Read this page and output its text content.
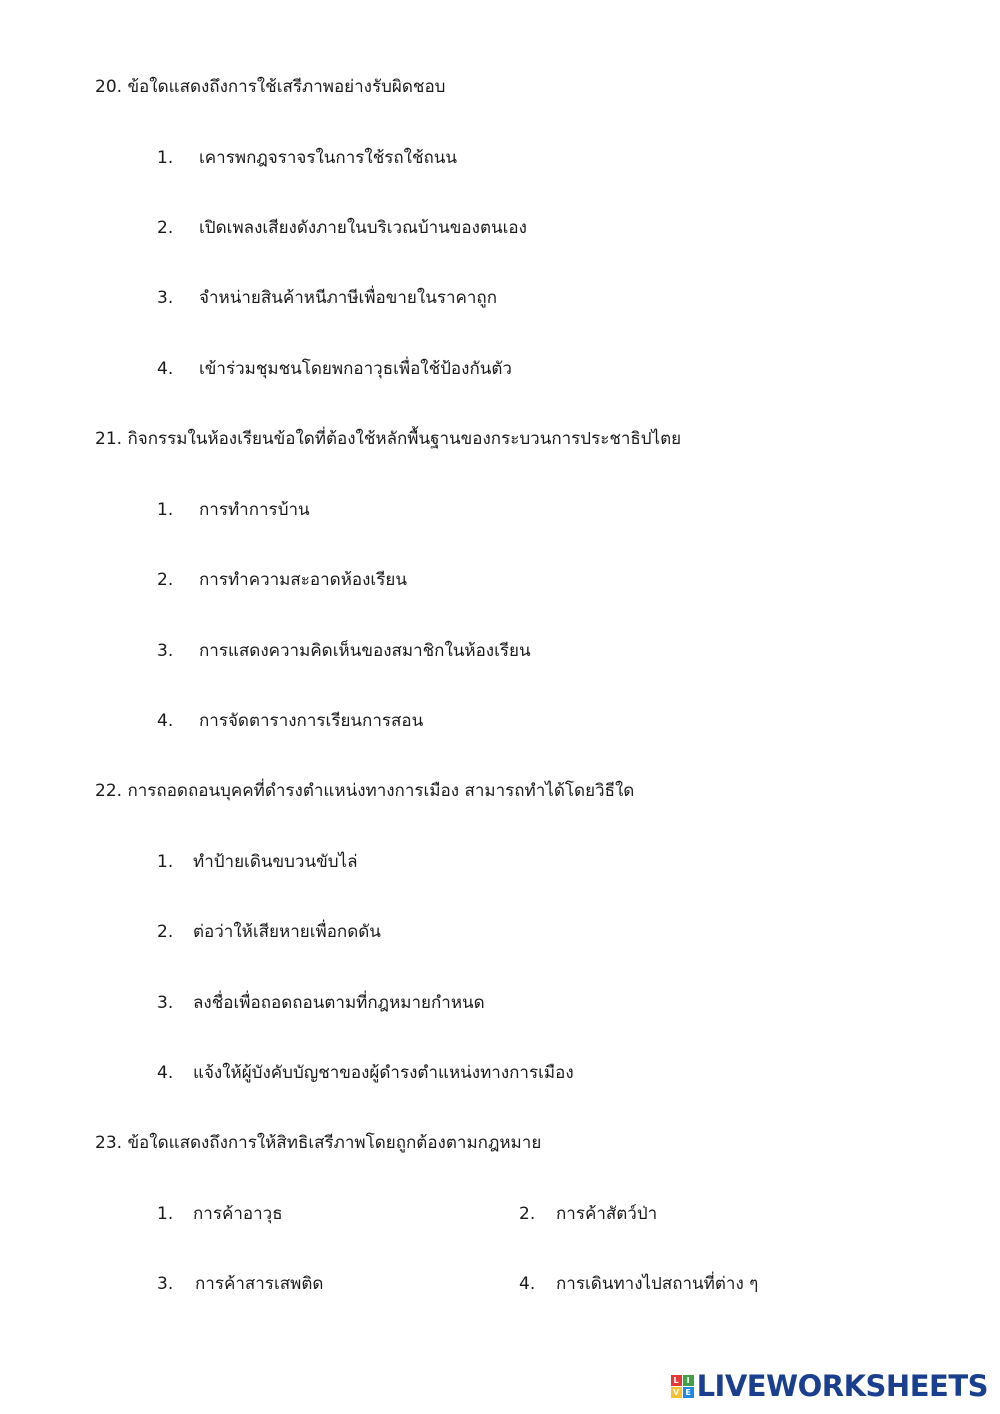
20. ข้อใดแสดงถึงการใช้เสรีภาพอย่างรับผิดชอบ
1. เคารพกฎจราจรในการใช้รถใช้ถนน
2. เปิดเพลงเสียงดังภายในบริเวณบ้านของตนเอง
3. จำหน่ายสินค้าหนีภาษีเพื่อขายในราคาถูก
4. เข้าร่วมชุมชนโดยพกอาวุธเพื่อใช้ป้องกันตัว
21. กิจกรรมในห้องเรียนข้อใดที่ต้องใช้หลักพื้นฐานของกระบวนการประชาธิปไตย
1. การทำการบ้าน
2. การทำความสะอาดห้องเรียน
3. การแสดงความคิดเห็นของสมาชิกในห้องเรียน
4. การจัดตารางการเรียนการสอน
22. การถอดถอนบุคคที่ดำรงตำแหน่งทางการเมือง สามารถทำได้โดยวิธีใด
1. ทำป้ายเดินขบวนขับไล่
2. ต่อว่าให้เสียหายเพื่อกดดัน
3. ลงชื่อเพื่อถอดถอนตามที่กฎหมายกำหนด
4. แจ้งให้ผู้บังคับบัญชาของผู้ดำรงตำแหน่งทางการเมือง
23. ข้อใดแสดงถึงการให้สิทธิเสรีภาพโดยถูกต้องตามกฎหมาย
1. การค้าอาวุธ	2. การค้าสัตว์ป่า
3. การค้าสารเสพติด	4. การเดินทางไปสถานที่ต่าง ๆ
L I
V E LIVEWORKSHEETS
